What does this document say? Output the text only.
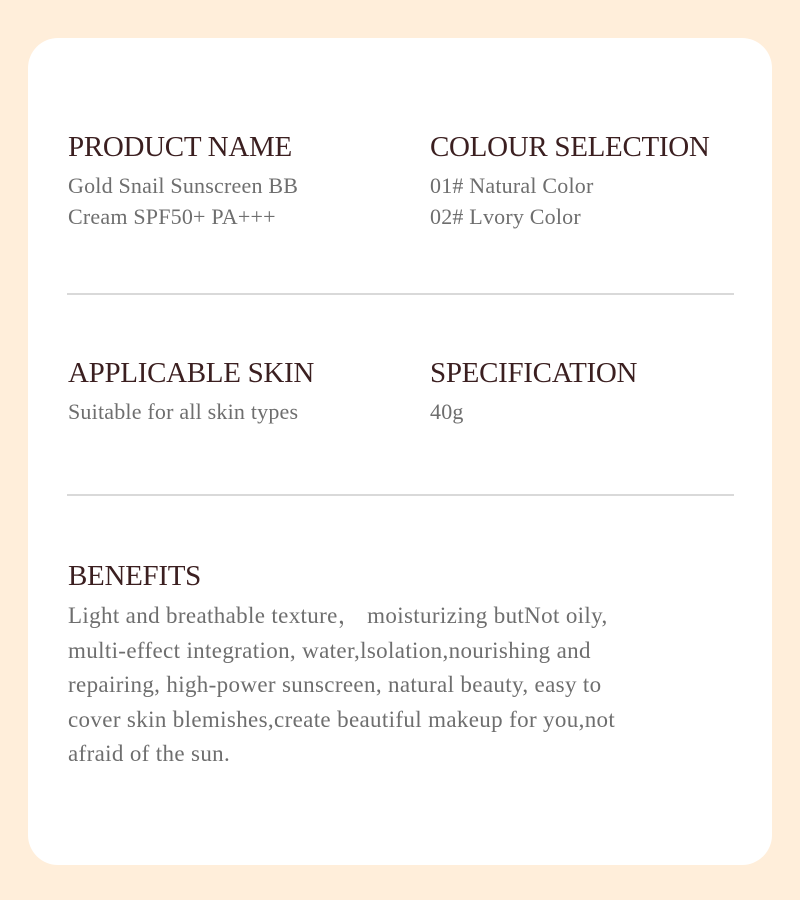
PRODUCT NAME
Gold Snail Sunscreen BB
Cream SPF50+ PA+++
COLOUR SELECTION
01# Natural Color
02# Lvory Color
APPLICABLE SKIN
Suitable for all skin types
SPECIFICATION
40g
BENEFITS
Light and breathable texture， moisturizing butNot oily,
multi-effect integration, water,lsolation,nourishing and
repairing, high-power sunscreen, natural beauty, easy to
cover skin blemishes,create beautiful makeup for you,not
afraid of the sun.
